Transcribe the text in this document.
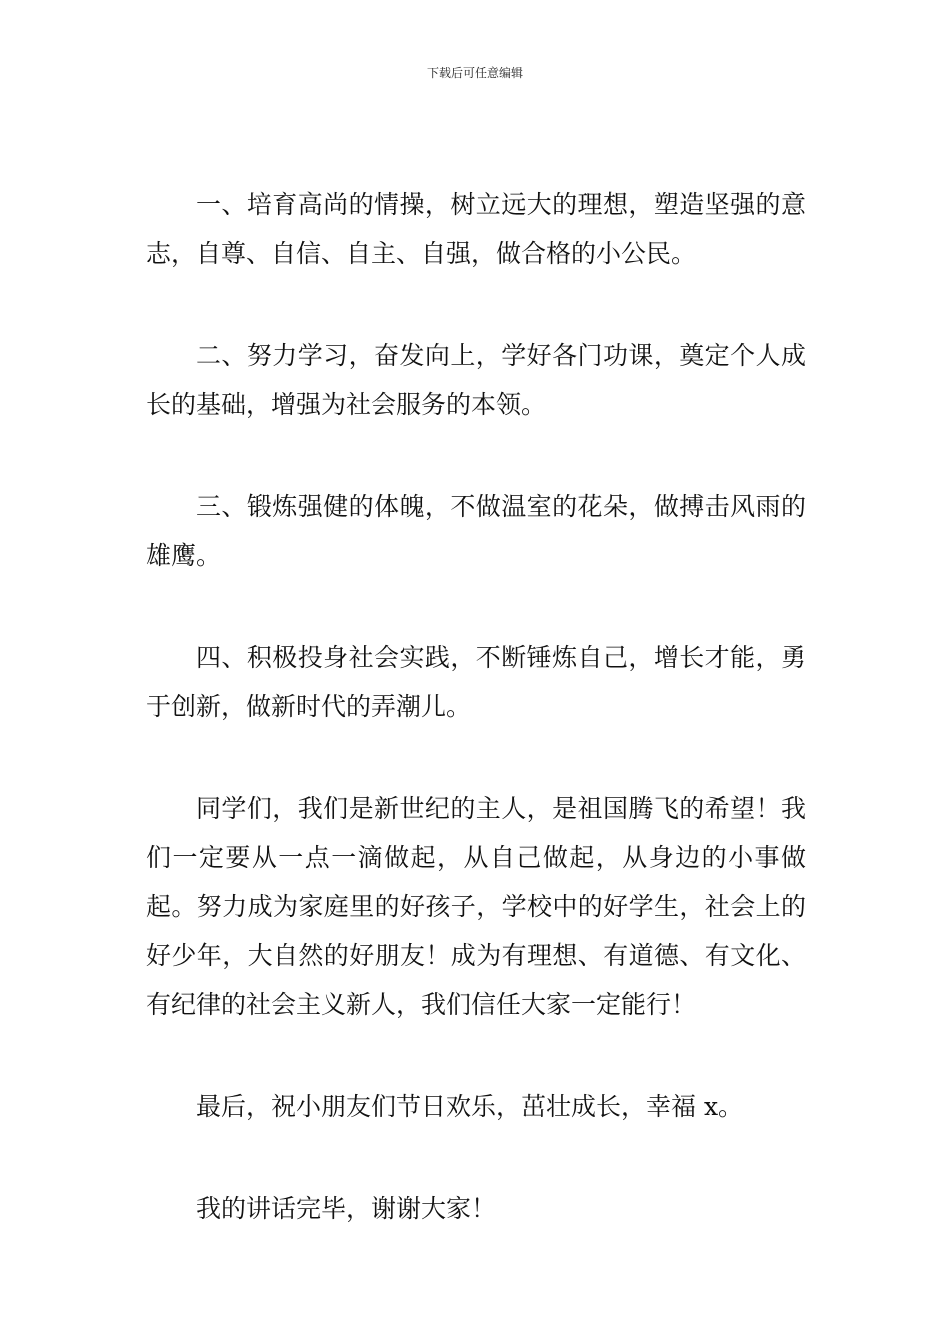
下载后可任意编辑

一、培育高尚的情操，树立远大的理想，塑造坚强的意志，自尊、自信、自主、自强，做合格的小公民。

二、努力学习，奋发向上，学好各门功课，奠定个人成长的基础，增强为社会服务的本领。

三、锻炼强健的体魄，不做温室的花朵，做搏击风雨的雄鹰。

四、积极投身社会实践，不断锤炼自己，增长才能，勇于创新，做新时代的弄潮儿。

同学们，我们是新世纪的主人，是祖国腾飞的希望！我们一定要从一点一滴做起，从自己做起，从身边的小事做起。努力成为家庭里的好孩子，学校中的好学生，社会上的好少年，大自然的好朋友！成为有理想、有道德、有文化、有纪律的社会主义新人，我们信任大家一定能行！

最后，祝小朋友们节日欢乐，茁壮成长，幸福 x。

我的讲话完毕，谢谢大家！
